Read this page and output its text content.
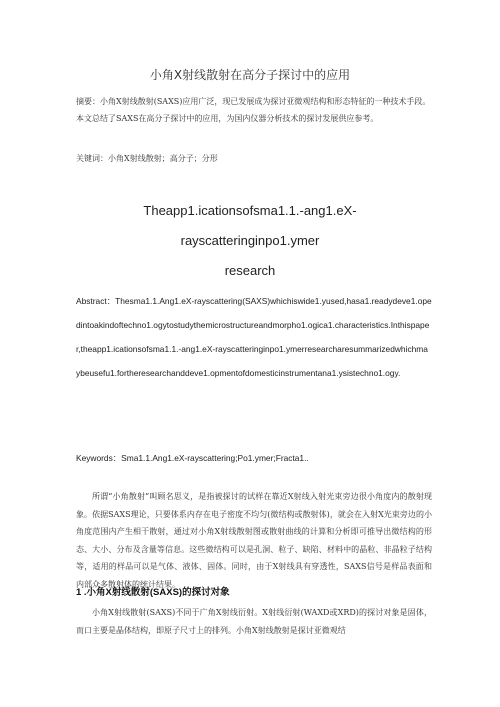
小角X射线散射在高分子探讨中的应用
摘要：小角X射线散射(SAXS)应用广泛，现已发展成为探讨亚微观结构和形态特征的一种技术手段。本文总结了SAXS在高分子探讨中的应用，为国内仪器分析技术的探讨发展供应参考。
关键词：小角X射线散射；高分子；分形
Theapp1.icationsofsma1.1.-ang1.eX-
rayscatteringinpo1.ymer
research
Abstract：Thesma1.1.Ang1.eX-rayscattering(SAXS)whichiswide1.yused,hasa1.readydeve1.opedintoakindoftechno1.ogytostudythemicrostructureandmorpho1.ogica1.characteristics.Inthispaper,theapp1.icationsofsma1.1.-ang1.eX-rayscatteringinpo1.ymerresearcharesummarizedwhichmaybeusefu1.fortheresearchanddeve1.opmentofdomesticinstrumentana1.ysistechno1.ogy.
Keywords：Sma1.1.Ang1.eX-rayscattering;Po1.ymer;Fracta1..
所谓“小角散射”叫顾名思义，是指被探讨的试样在靠近X射线入射光束旁边很小角度内的散射现象。依据SAXS理论，只要体系内存在电子密度不均匀(微结构或散射体)，就会在入射X光束旁边的小角度范围内产生相干散射，通过对小角X射线散射图或散射曲线的计算和分析即可推导出微结构的形态、大小、分布及含量等信息。这些微结构可以是孔洞、粒子、缺陷、材料中的晶粒、非晶粒子结构等，适用的样品可以是气体、液体、固体。同时，由于X射线具有穿透性，SAXS信号是样品表面和内部众多散射体的统计结果。
1 .小角X射线散射(SAXS)的探讨对象
小角X射线散射(SAXS)不同于广角X射线衍射。X射线衍射(WAXD或XRD)的探讨对象是固体，而口主要是晶体结构，即原子尺寸上的排列。小角X射线散射是探讨亚微观结
